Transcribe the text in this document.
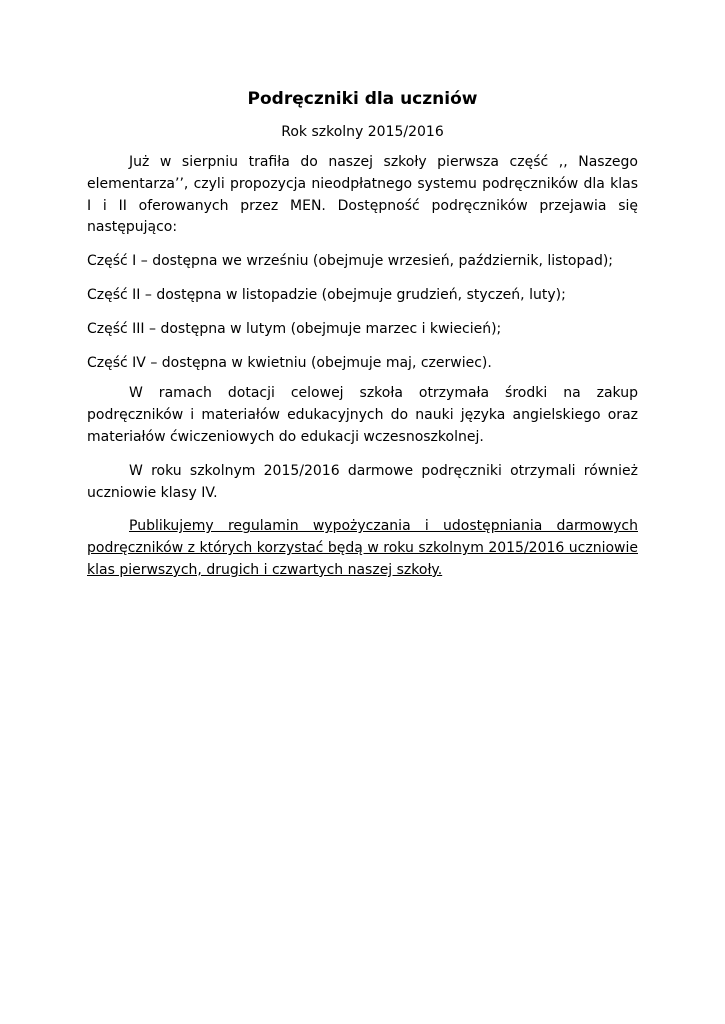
Podręczniki dla uczniów

Rok szkolny 2015/2016

Już w sierpniu trafiła do naszej szkoły pierwsza część ,, Naszego elementarza’’, czyli propozycja nieodpłatnego systemu podręczników dla klas I i II oferowanych przez MEN. Dostępność podręczników przejawia się następująco:

Część I – dostępna we wrześniu (obejmuje wrzesień, październik, listopad);

Część II – dostępna w listopadzie (obejmuje grudzień, styczeń, luty);

Część III – dostępna w lutym (obejmuje marzec i kwiecień);

Część IV – dostępna w kwietniu (obejmuje maj, czerwiec).

W ramach dotacji celowej szkoła otrzymała środki na zakup podręczników i materiałów edukacyjnych do nauki języka angielskiego oraz materiałów ćwiczeniowych do edukacji wczesnoszkolnej.

W roku szkolnym 2015/2016 darmowe podręczniki otrzymali również uczniowie klasy IV.

Publikujemy regulamin wypożyczania i udostępniania darmowych podręczników z których korzystać będą w roku szkolnym 2015/2016 uczniowie klas pierwszych, drugich i czwartych naszej szkoły.
